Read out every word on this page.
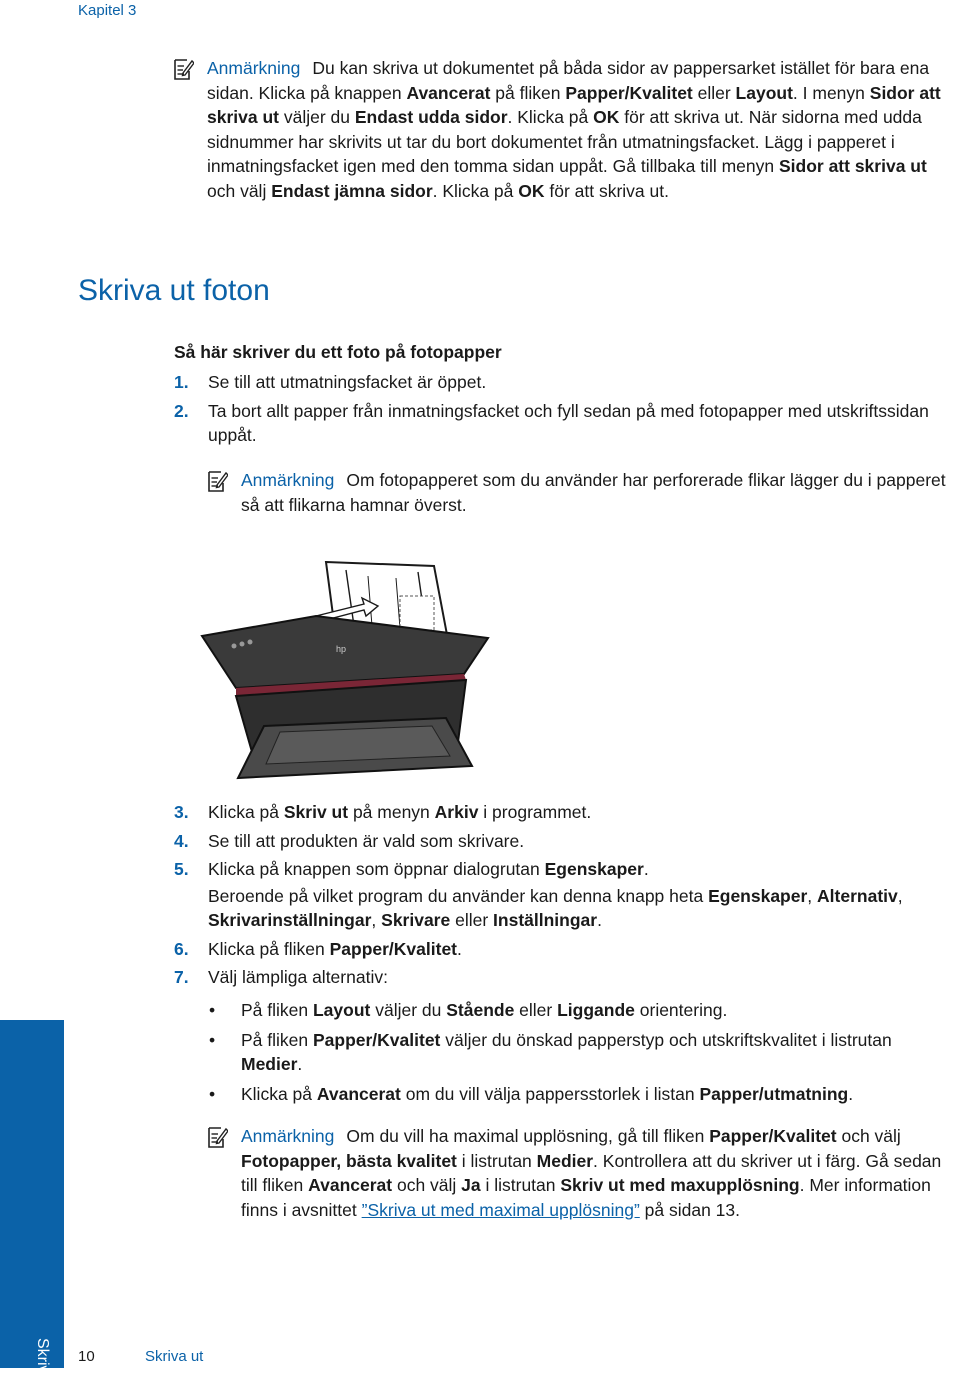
Kapitel 3
Anmärkning Du kan skriva ut dokumentet på båda sidor av pappersarket istället för bara ena sidan. Klicka på knappen Avancerat på fliken Papper/Kvalitet eller Layout. I menyn Sidor att skriva ut väljer du Endast udda sidor. Klicka på OK för att skriva ut. När sidorna med udda sidnummer har skrivits ut tar du bort dokumentet från utmatningsfacket. Lägg i papperet i inmatningsfacket igen med den tomma sidan uppåt. Gå tillbaka till menyn Sidor att skriva ut och välj Endast jämna sidor. Klicka på OK för att skriva ut.
Skriva ut foton
Så här skriver du ett foto på fotopapper
1. Se till att utmatningsfacket är öppet.
2. Ta bort allt papper från inmatningsfacket och fyll sedan på med fotopapper med utskriftssidan uppåt.
Anmärkning Om fotopapperet som du använder har perforerade flikar lägger du i papperet så att flikarna hamnar överst.
hp
3. Klicka på Skriv ut på menyn Arkiv i programmet.
4. Se till att produkten är vald som skrivare.
5. Klicka på knappen som öppnar dialogrutan Egenskaper.
Beroende på vilket program du använder kan denna knapp heta Egenskaper, Alternativ, Skrivarinställningar, Skrivare eller Inställningar.
6. Klicka på fliken Papper/Kvalitet.
7. Välj lämpliga alternativ:
• På fliken Layout väljer du Stående eller Liggande orientering.
• På fliken Papper/Kvalitet väljer du önskad papperstyp och utskriftskvalitet i listrutan Medier.
• Klicka på Avancerat om du vill välja pappersstorlek i listan Papper/utmatning.
Anmärkning Om du vill ha maximal upplösning, gå till fliken Papper/Kvalitet och välj Fotopapper, bästa kvalitet i listrutan Medier. Kontrollera att du skriver ut i färg. Gå sedan till fliken Avancerat och välj Ja i listrutan Skriv ut med maxupplösning. Mer information finns i avsnittet ”Skriva ut med maximal upplösning” på sidan 13.
Skriva ut 10	Skriva ut
